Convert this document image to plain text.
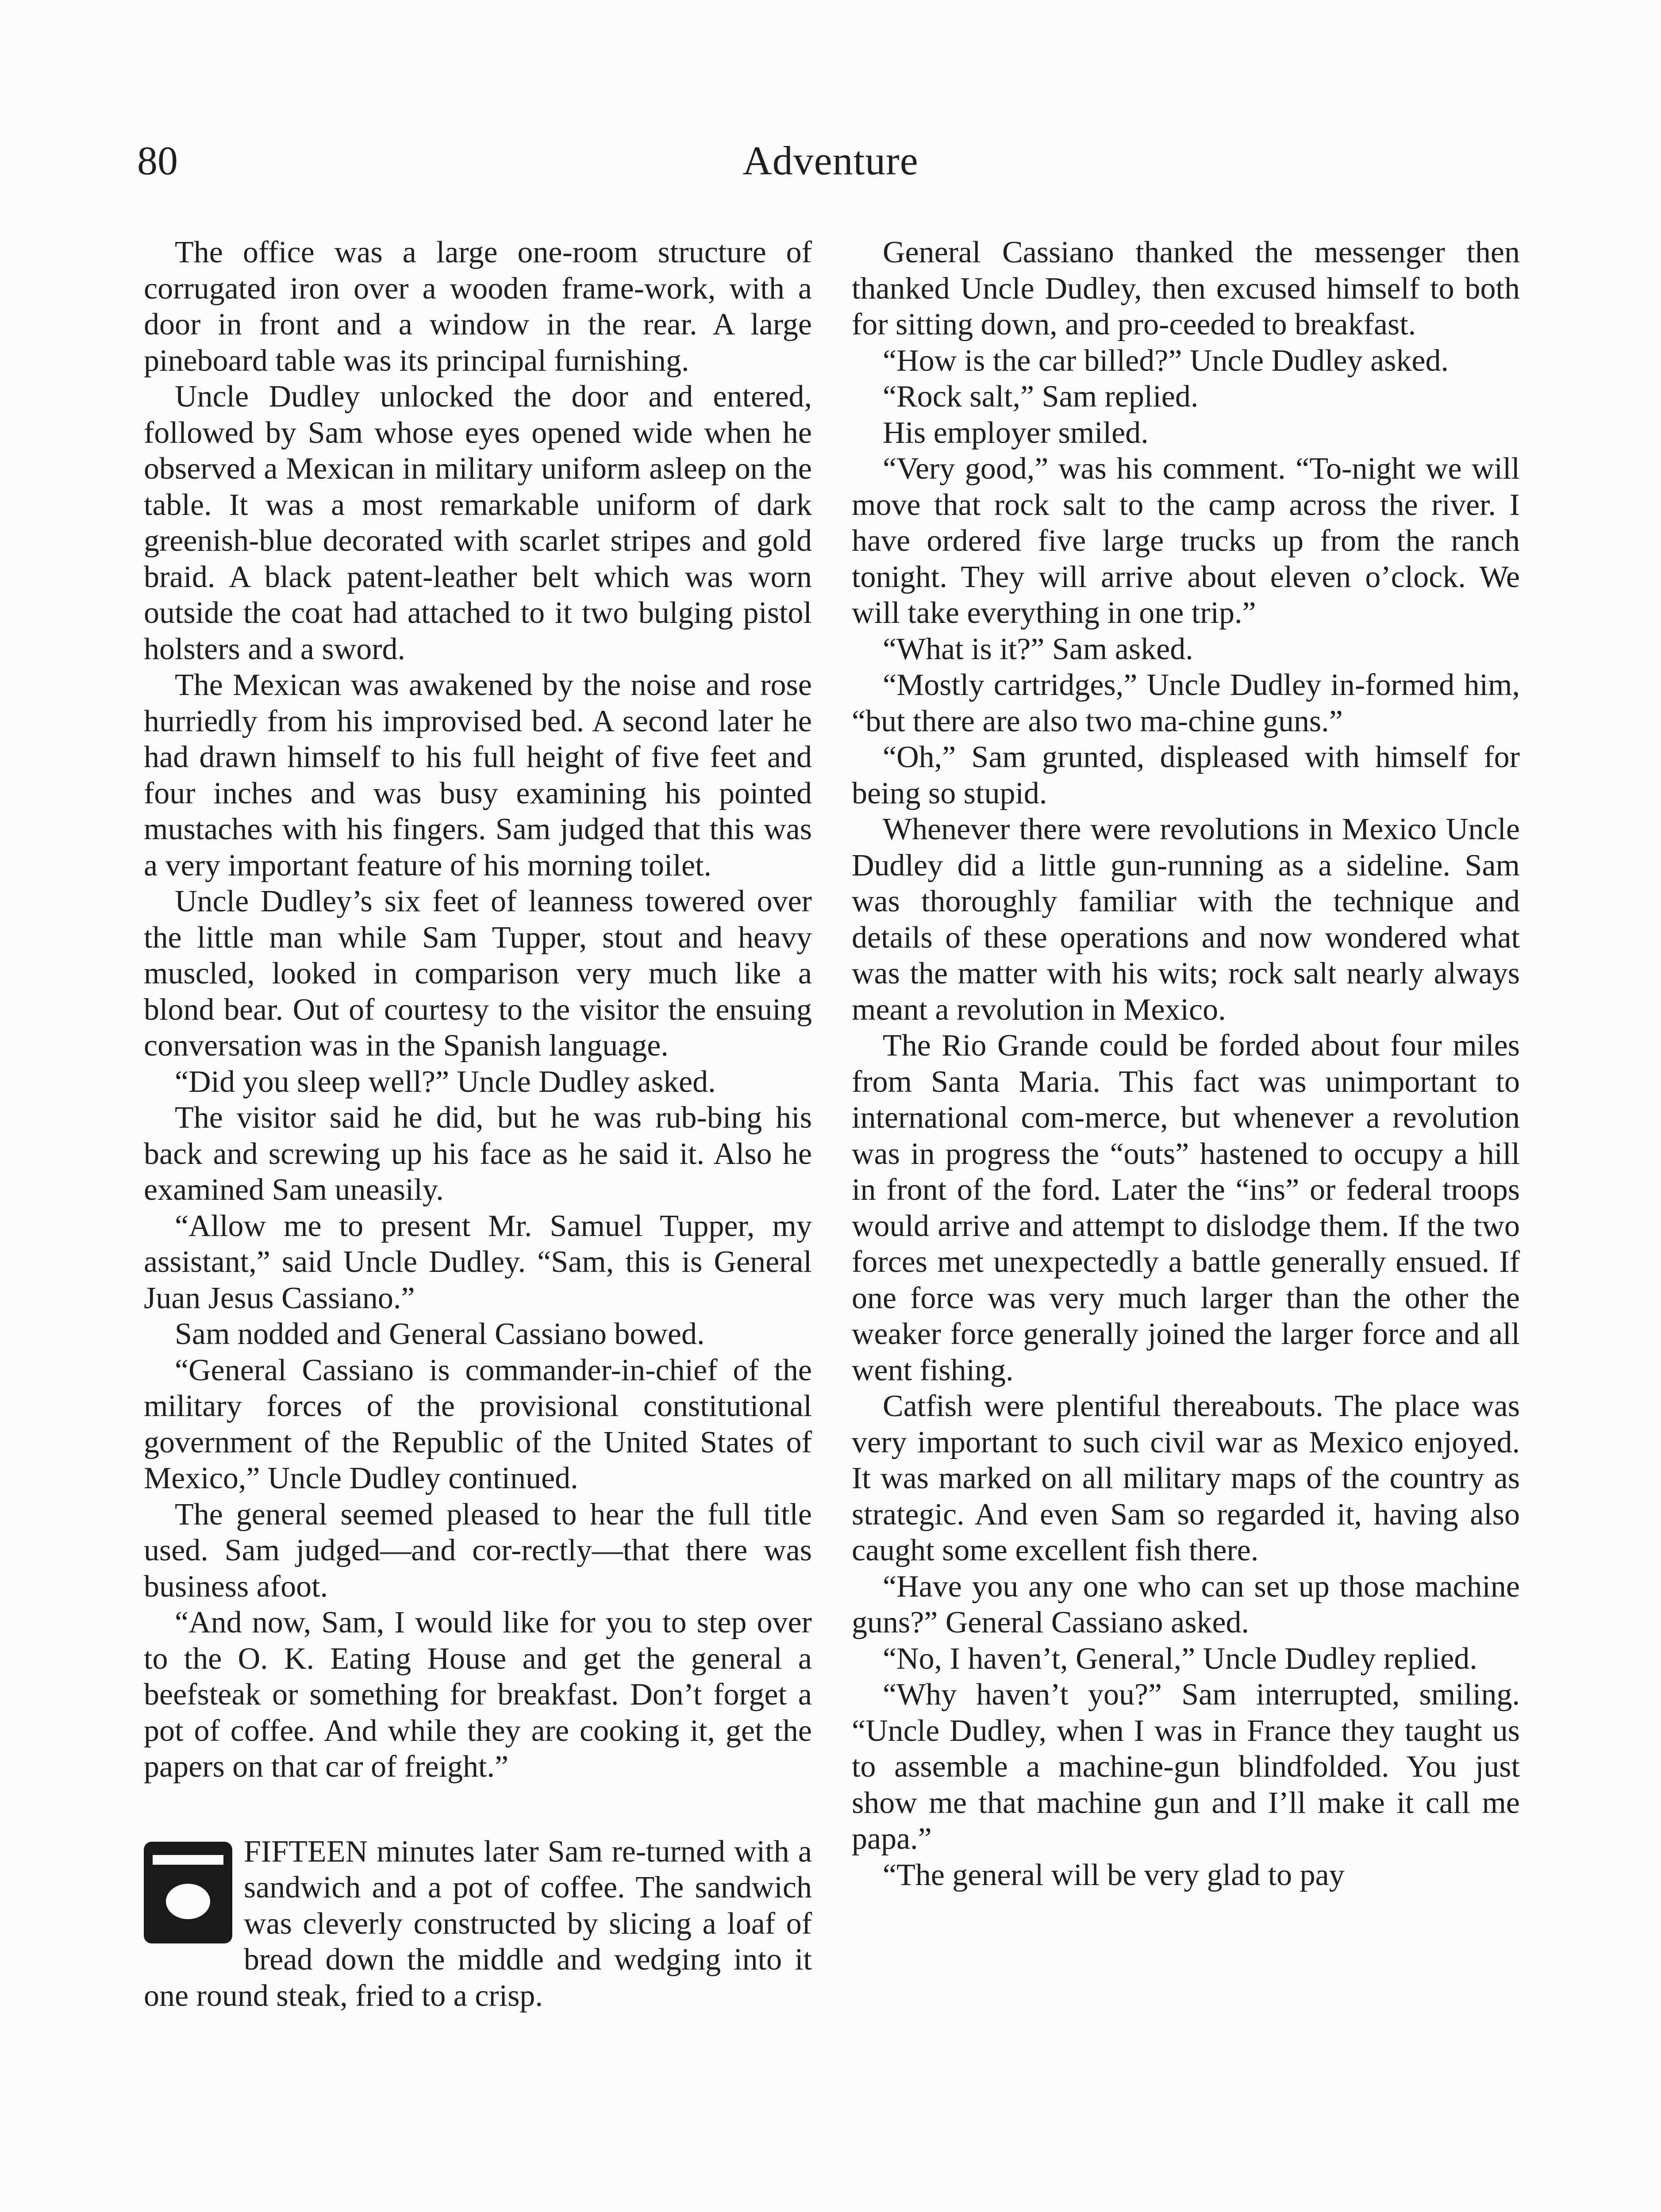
80	Adventure

The office was a large one-room structure of corrugated iron over a wooden frame-work, with a door in front and a window in the rear. A large pineboard table was its principal furnishing.

Uncle Dudley unlocked the door and entered, followed by Sam whose eyes opened wide when he observed a Mexican in military uniform asleep on the table. It was a most remarkable uniform of dark greenish-blue decorated with scarlet stripes and gold braid. A black patent-leather belt which was worn outside the coat had attached to it two bulging pistol holsters and a sword.

The Mexican was awakened by the noise and rose hurriedly from his improvised bed. A second later he had drawn himself to his full height of five feet and four inches and was busy examining his pointed mustaches with his fingers. Sam judged that this was a very important feature of his morning toilet.

Uncle Dudley’s six feet of leanness towered over the little man while Sam Tupper, stout and heavy muscled, looked in comparison very much like a blond bear. Out of courtesy to the visitor the ensuing conversation was in the Spanish language.

“Did you sleep well?” Uncle Dudley asked.

The visitor said he did, but he was rub-bing his back and screwing up his face as he said it. Also he examined Sam uneasily.

“Allow me to present Mr. Samuel Tupper, my assistant,” said Uncle Dudley. “Sam, this is General Juan Jesus Cassiano.”

Sam nodded and General Cassiano bowed.

“General Cassiano is commander-in-chief of the military forces of the provisional constitutional government of the Republic of the United States of Mexico,” Uncle Dudley continued.

The general seemed pleased to hear the full title used. Sam judged—and cor-rectly—that there was business afoot.

“And now, Sam, I would like for you to step over to the O. K. Eating House and get the general a beefsteak or something for breakfast. Don’t forget a pot of coffee. And while they are cooking it, get the papers on that car of freight.”

FIFTEEN minutes later Sam re-turned with a sandwich and a pot of coffee. The sandwich was cleverly constructed by slicing a loaf of bread down the middle and wedging into it one round steak, fried to a crisp.

General Cassiano thanked the messenger then thanked Uncle Dudley, then excused himself to both for sitting down, and pro-ceeded to breakfast.

“How is the car billed?” Uncle Dudley asked.

“Rock salt,” Sam replied.

His employer smiled.

“Very good,” was his comment. “To-night we will move that rock salt to the camp across the river. I have ordered five large trucks up from the ranch tonight. They will arrive about eleven o’clock. We will take everything in one trip.”

“What is it?” Sam asked.

“Mostly cartridges,” Uncle Dudley in-formed him, “but there are also two ma-chine guns.”

“Oh,” Sam grunted, displeased with himself for being so stupid.

Whenever there were revolutions in Mexico Uncle Dudley did a little gun-running as a sideline. Sam was thoroughly familiar with the technique and details of these operations and now wondered what was the matter with his wits; rock salt nearly always meant a revolution in Mexico.

The Rio Grande could be forded about four miles from Santa Maria. This fact was unimportant to international com-merce, but whenever a revolution was in progress the “outs” hastened to occupy a hill in front of the ford. Later the “ins” or federal troops would arrive and attempt to dislodge them. If the two forces met unexpectedly a battle generally ensued. If one force was very much larger than the other the weaker force generally joined the larger force and all went fishing.

Catfish were plentiful thereabouts. The place was very important to such civil war as Mexico enjoyed. It was marked on all military maps of the country as strategic. And even Sam so regarded it, having also caught some excellent fish there.

“Have you any one who can set up those machine guns?” General Cassiano asked.

“No, I haven’t, General,” Uncle Dudley replied.

“Why haven’t you?” Sam interrupted, smiling. “Uncle Dudley, when I was in France they taught us to assemble a machine-gun blindfolded. You just show me that machine gun and I’ll make it call me papa.”

“The general will be very glad to pay
